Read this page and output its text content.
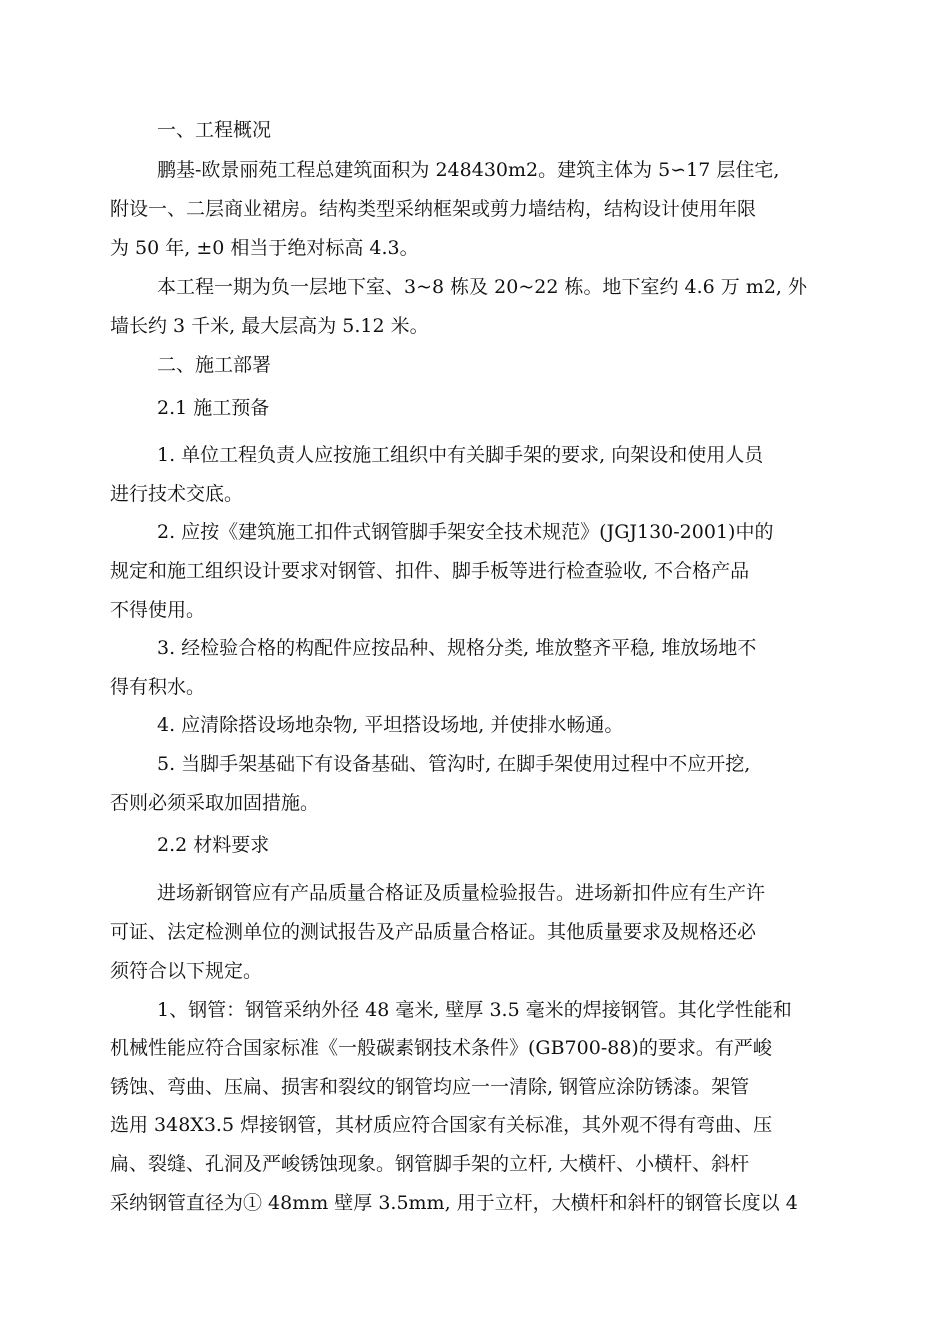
一、工程概况
鹏基-欧景丽苑工程总建筑面积为 248430m2。建筑主体为 5∽17 层住宅,
附设一、二层商业裙房。结构类型采纳框架或剪力墙结构，结构设计使用年限
为 50 年, ±0 相当于绝对标高 4.3。
本工程一期为负一层地下室、3~8 栋及 20~22 栋。地下室约 4.6 万 m2, 外
墙长约 3 千米, 最大层高为 5.12 米。
二、施工部署
2.1 施工预备
1. 单位工程负责人应按施工组织中有关脚手架的要求, 向架设和使用人员
进行技术交底。
2. 应按《建筑施工扣件式钢管脚手架安全技术规范》(JGJ130-2001)中的
规定和施工组织设计要求对钢管、扣件、脚手板等进行检查验收, 不合格产品
不得使用。
3. 经检验合格的构配件应按品种、规格分类, 堆放整齐平稳, 堆放场地不
得有积水。
4. 应清除搭设场地杂物, 平坦搭设场地, 并使排水畅通。
5. 当脚手架基础下有设备基础、管沟时, 在脚手架使用过程中不应开挖,
否则必须采取加固措施。
2.2 材料要求
进场新钢管应有产品质量合格证及质量检验报告。进场新扣件应有生产许
可证、法定检测单位的测试报告及产品质量合格证。其他质量要求及规格还必
须符合以下规定。
1、钢管：钢管采纳外径 48 毫米, 壁厚 3.5 毫米的焊接钢管。其化学性能和
机械性能应符合国家标准《一般碳素钢技术条件》(GB700-88)的要求。有严峻
锈蚀、弯曲、压扁、损害和裂纹的钢管均应一一清除, 钢管应涂防锈漆。架管
选用 348X3.5 焊接钢管，其材质应符合国家有关标准，其外观不得有弯曲、压
扁、裂缝、孔洞及严峻锈蚀现象。钢管脚手架的立杆, 大横杆、小横杆、斜杆
采纳钢管直径为① 48mm 壁厚 3.5mm, 用于立杆，大横杆和斜杆的钢管长度以 4
